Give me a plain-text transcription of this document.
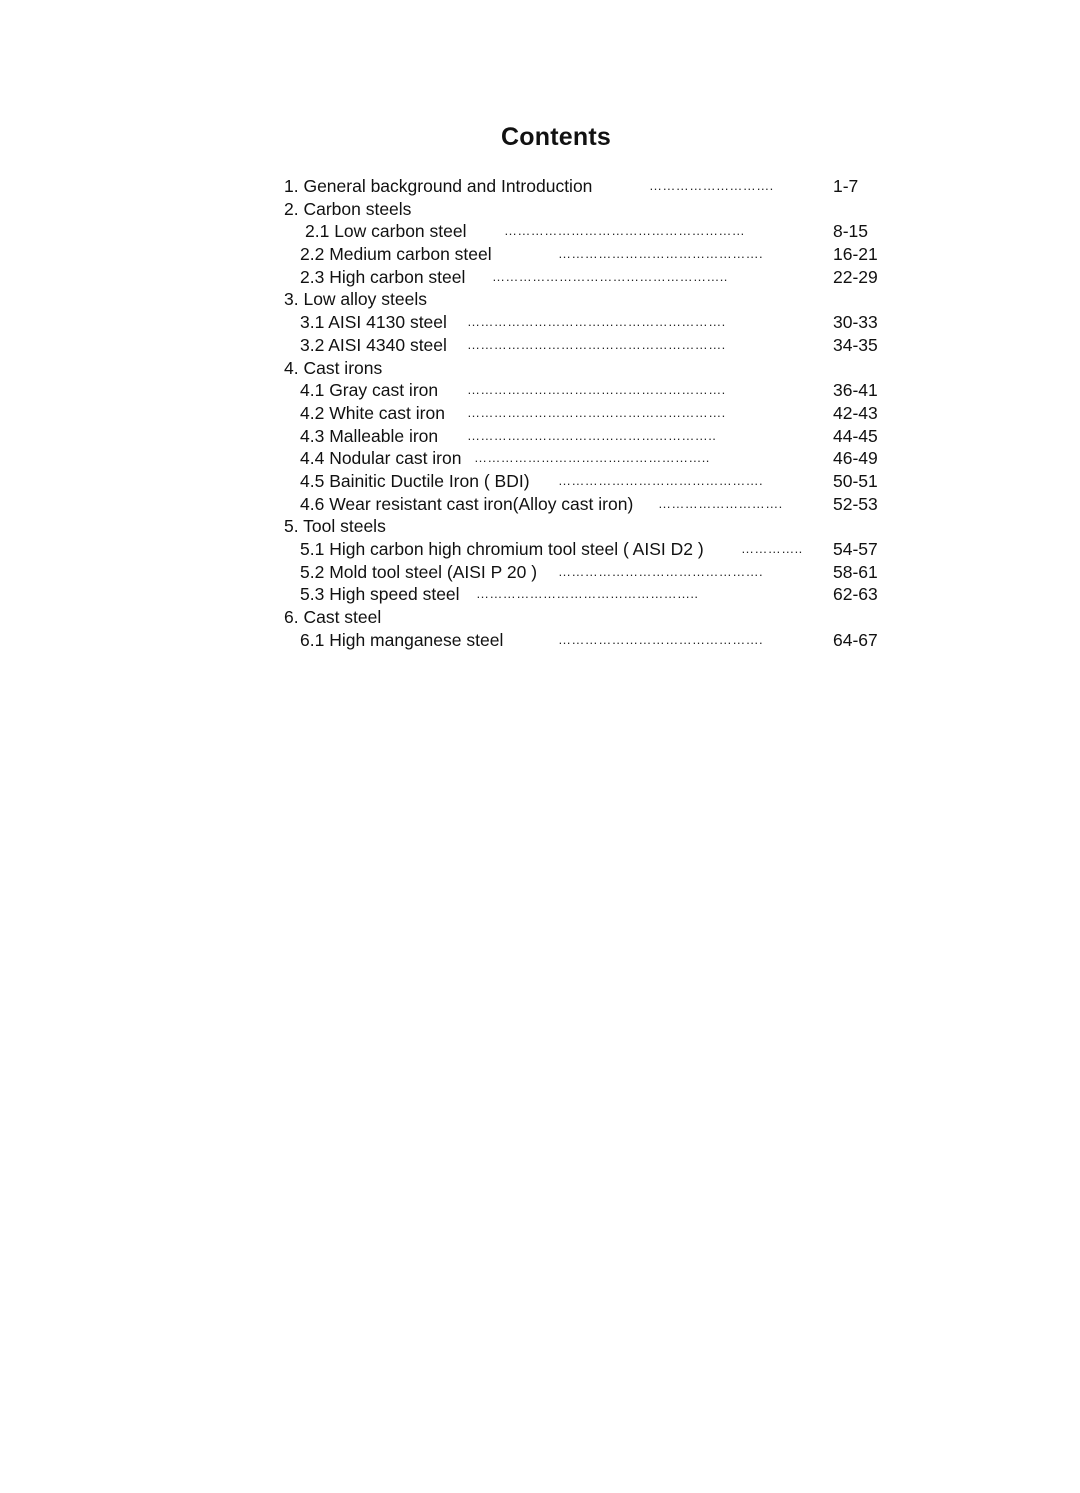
Contents
1. General background and Introduction	……………………….	1-7
2. Carbon steels
2.1 Low carbon steel	………………………………………………	8-15
2.2 Medium carbon steel	……………………………………….	16-21
2.3 High carbon steel ……………………………………………..	22-29
3. Low alloy steels
3.1 AISI 4130 steel ………………………………………………….	30-33
3.2 AISI 4340 steel ………………………………………………….	34-35
4. Cast irons
4.1 Gray cast iron ………………………………………………….	36-41
4.2 White cast iron ………………………………………………….	42-43
4.3 Malleable iron ………………………………………………..	44-45
4.4 Nodular cast iron ……………………………………………..	46-49
4.5 Bainitic Ductile Iron ( BDI) ……………………………………….	50-51
4.6 Wear resistant cast iron(Alloy cast iron) ……………………….	52-53
5. Tool steels
5.1 High carbon high chromium tool steel ( AISI D2 )	…………..	54-57
5.2 Mold tool steel (AISI P 20 ) ……………………………………….	58-61
5.3 High speed steel …………………………………………..	62-63
6. Cast steel
6.1 High manganese steel	……………………………………….	64-67
